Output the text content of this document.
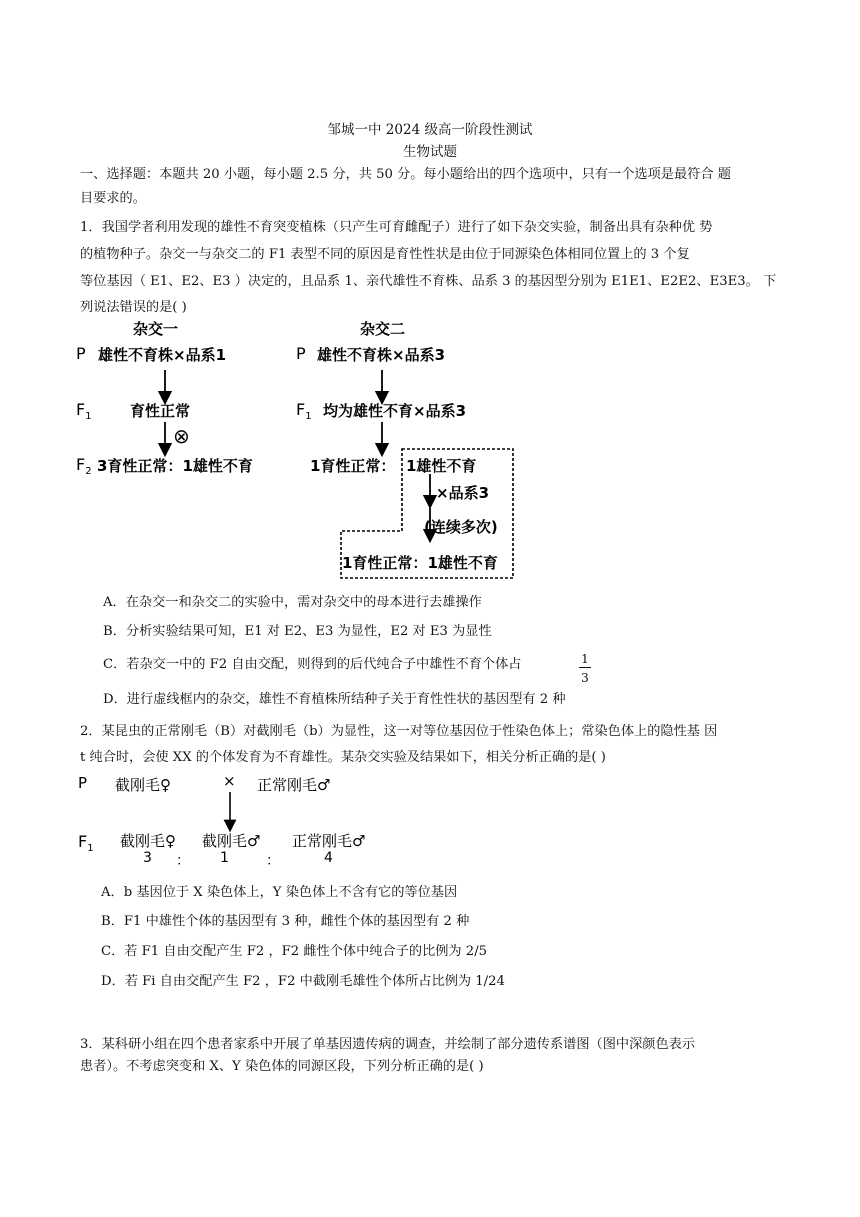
邹城一中 2024 级高一阶段性测试
生物试题
一、选择题：本题共 20 小题，每小题 2.5 分，共 50 分。每小题给出的四个选项中，只有一个选项是最符合 题
目要求的。
1．我国学者利用发现的雄性不育突变植株（只产生可育雌配子）进行了如下杂交实验，制备出具有杂种优 势
的植物种子。杂交一与杂交二的 F1 表型不同的原因是育性性状是由位于同源染色体相同位置上的 3 个复
等位基因（ E1、E2、E3 ）决定的，且品系 1、亲代雄性不育株、品系 3 的基因型分别为 E1E1、E2E2、E3E3。 下
列说法错误的是( )
杂交一	杂交二
P 雄性不育株×品系1	P 雄性不育株×品系3
$F_1$	育性正常	$F_1$ 均为雄性不育×品系3
⊗
$F_2$ 3育性正常：1雄性不育	1育性正常： 1雄性不育
×品系3
(连续多次)
1育性正常：1雄性不育
A．在杂交一和杂交二的实验中，需对杂交中的母本进行去雄操作
B．分析实验结果可知，E1 对 E2、E3 为显性，E2 对 E3 为显性
C．若杂交一中的 F2 自由交配，则得到的后代纯合子中雄性不育个体占	1
3
D．进行虚线框内的杂交，雄性不育植株所结种子关于育性性状的基因型有 2 种
2．某昆虫的正常刚毛（B）对截刚毛（b）为显性，这一对等位基因位于性染色体上；常染色体上的隐性基 因
t 纯合时，会使 XX 的个体发育为不育雄性。某杂交实验及结果如下，相关分析正确的是( )
P 截刚毛♀	× 正常刚毛♂
$F_1$ 截刚毛♀ 截刚毛♂ 正常刚毛♂
3 ： 1	：	4
A．b 基因位于 X 染色体上，Y 染色体上不含有它的等位基因
B．F1 中雄性个体的基因型有 3 种，雌性个体的基因型有 2 种
C．若 F1 自由交配产生 F2 ，F2 雌性个体中纯合子的比例为 2/5
D．若 Fi 自由交配产生 F2 ，F2 中截刚毛雄性个体所占比例为 1/24
3．某科研小组在四个患者家系中开展了单基因遗传病的调查，并绘制了部分遗传系谱图（图中深颜色表示
患者）。不考虑突变和 X、Y 染色体的同源区段，下列分析正确的是( )
